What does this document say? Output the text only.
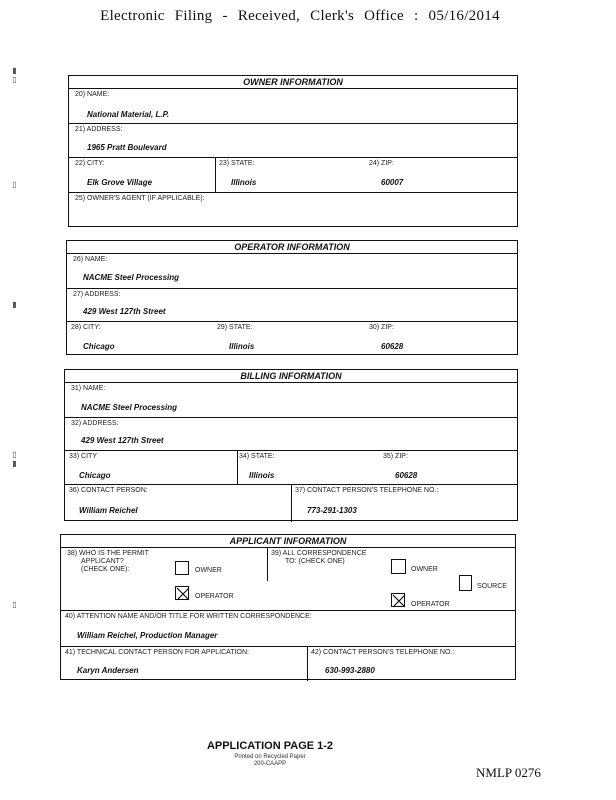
Electronic Filing - Received, Clerk's Office : 05/16/2014
▮▯
▯
▮
▯▮
▯
OWNER INFORMATION
20) NAME:
National Material, L.P.
21) ADDRESS:
1965 Pratt Boulevard
22) CITY:
Elk Grove Village
23) STATE:
Illinois
24) ZIP:
60007
25) OWNER'S AGENT (IF APPLICABLE):
OPERATOR INFORMATION
26) NAME:
NACME Steel Processing
27) ADDRESS:
429 West 127th Street
28) CITY:
Chicago
29) STATE:
Illinois
30) ZIP:
60628
BILLING INFORMATION
31) NAME:
NACME Steel Processing
32) ADDRESS:
429 West 127th Street
33) CITY
Chicago
34) STATE:
Illinois
35) ZIP:
60628
36) CONTACT PERSON:
William Reichel
37) CONTACT PERSON'S TELEPHONE NO.:
773-291-1303
APPLICANT INFORMATION
38) WHO IS THE PERMIT
APPLICANT?
(CHECK ONE):	OWNER
OPERATOR
39) ALL CORRESPONDENCE
TO: (CHECK ONE)
OWNER
SOURCE
OPERATOR
40) ATTENTION NAME AND/OR TITLE FOR WRITTEN CORRESPONDENCE:
William Reichel, Production Manager
41) TECHNICAL CONTACT PERSON FOR APPLICATION:
Karyn Andersen
42) CONTACT PERSON'S TELEPHONE NO.:
630-993-2880
APPLICATION PAGE 1-2
Printed on Recycled Paper
200-CAAPP
NMLP 0276
